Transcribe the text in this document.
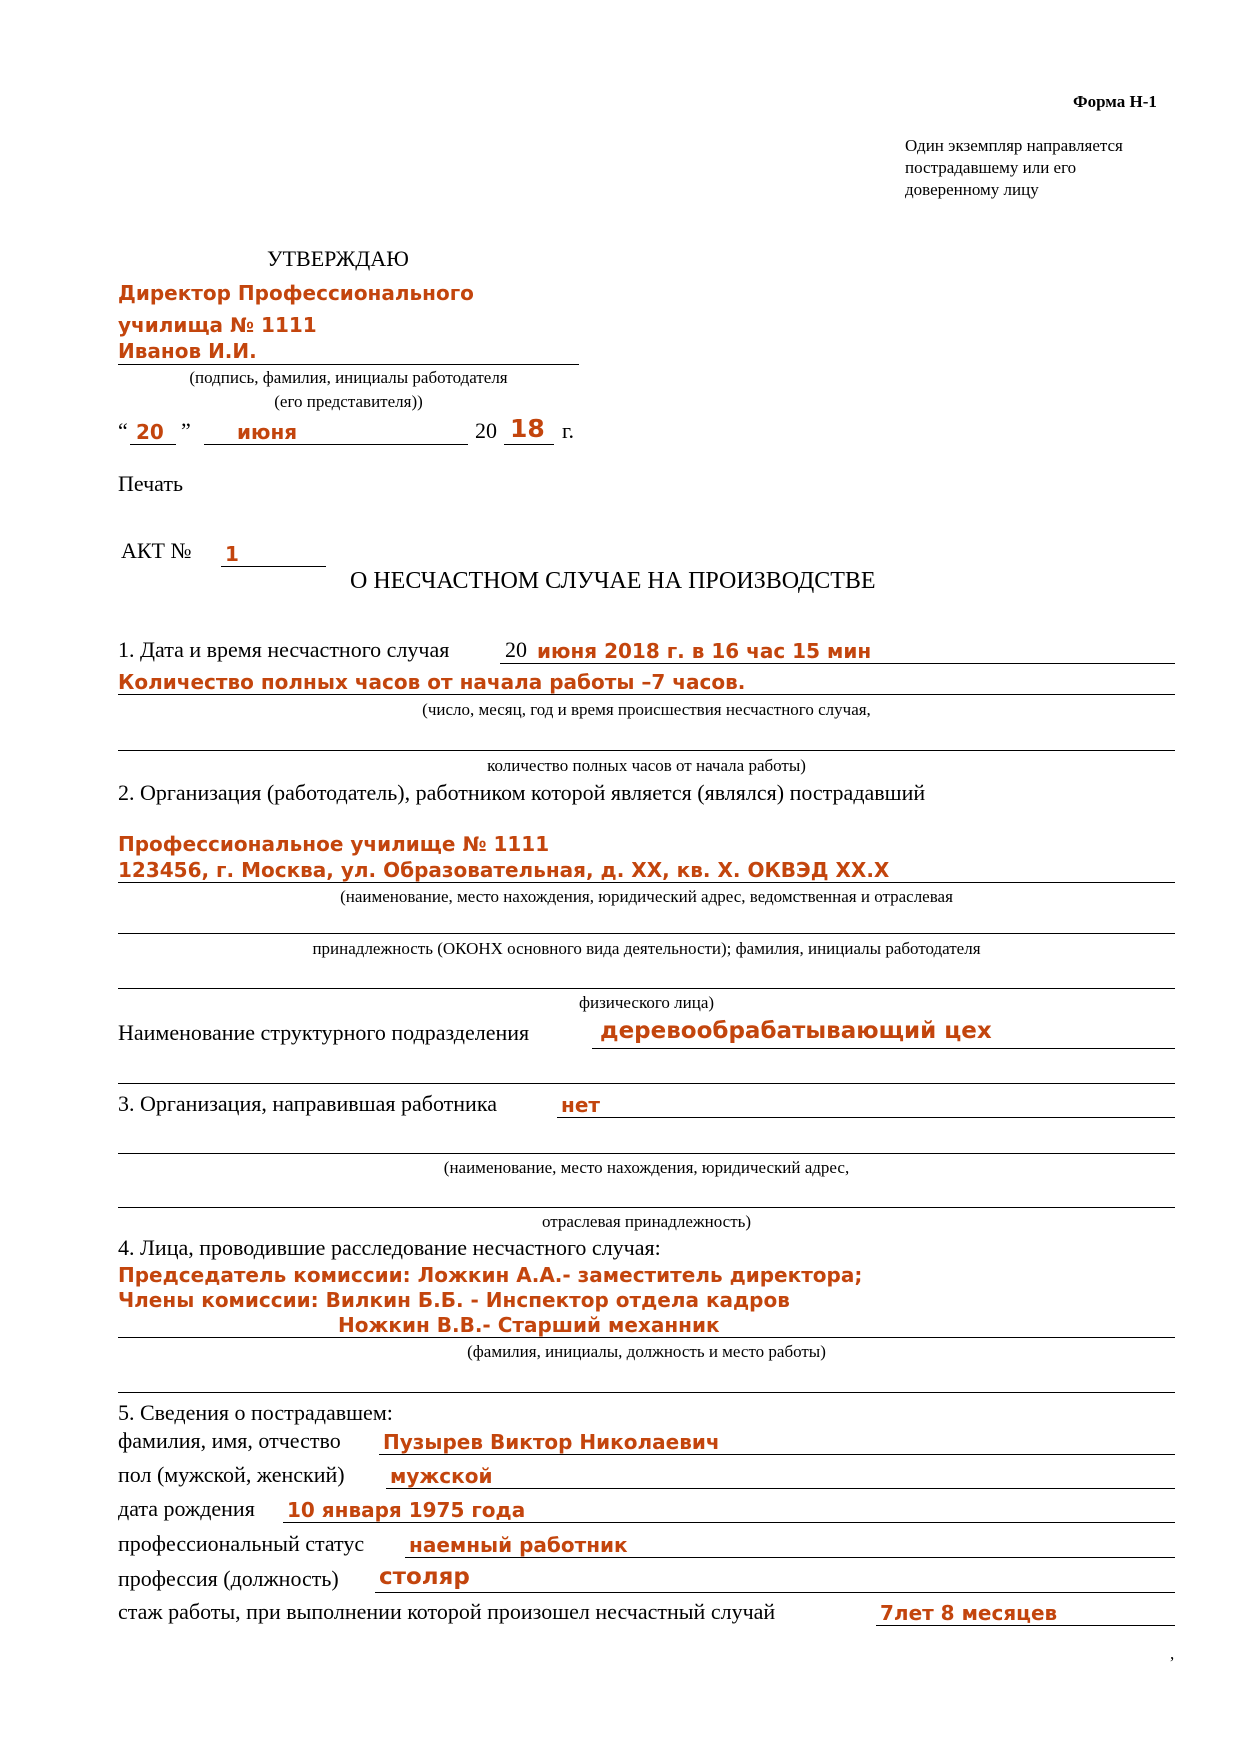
Форма Н-1
Один экземпляр направляется
пострадавшему или его
доверенному лицу
УТВЕРЖДАЮ
Директор Профессионального
училища № 1111
Иванов И.И.
(подпись, фамилия, инициалы работодателя
(его представителя))
“ 20 ” июня	20 18 г.
Печать
АКТ № 1
О НЕСЧАСТНОМ СЛУЧАЕ НА ПРОИЗВОДСТВЕ
1. Дата и время несчастного случая	20 июня 2018 г. в 16 час 15 мин
Количество полных часов от начала работы –7 часов.
(число, месяц, год и время происшествия несчастного случая,
количество полных часов от начала работы)
2. Организация (работодатель), работником которой является (являлся) пострадавший
Профессиональное училище № 1111
123456, г. Москва, ул. Образовательная, д. ХХ, кв. Х. ОКВЭД ХХ.Х
(наименование, место нахождения, юридический адрес, ведомственная и отраслевая
принадлежность (ОКОНХ основного вида деятельности); фамилия, инициалы работодателя
физического лица)
Наименование структурного подразделения	деревообрабатывающий цех
3. Организация, направившая работника	нет
(наименование, место нахождения, юридический адрес,
отраслевая принадлежность)
4. Лица, проводившие расследование несчастного случая:
Председатель комиссии: Ложкин А.А.- заместитель директора;
Члены комиссии: Вилкин Б.Б. - Инспектор отдела кадров
Ножкин В.В.- Старший механник
(фамилия, инициалы, должность и место работы)
5. Сведения о пострадавшем:
фамилия, имя, отчество Пузырев Виктор Николаевич
пол (мужской, женский) мужской
дата рождения 10 января 1975 года
профессиональный статус наемный работник
профессия (должность) столяр
стаж работы, при выполнении которой произошел несчастный случай	7лет 8 месяцев
,
